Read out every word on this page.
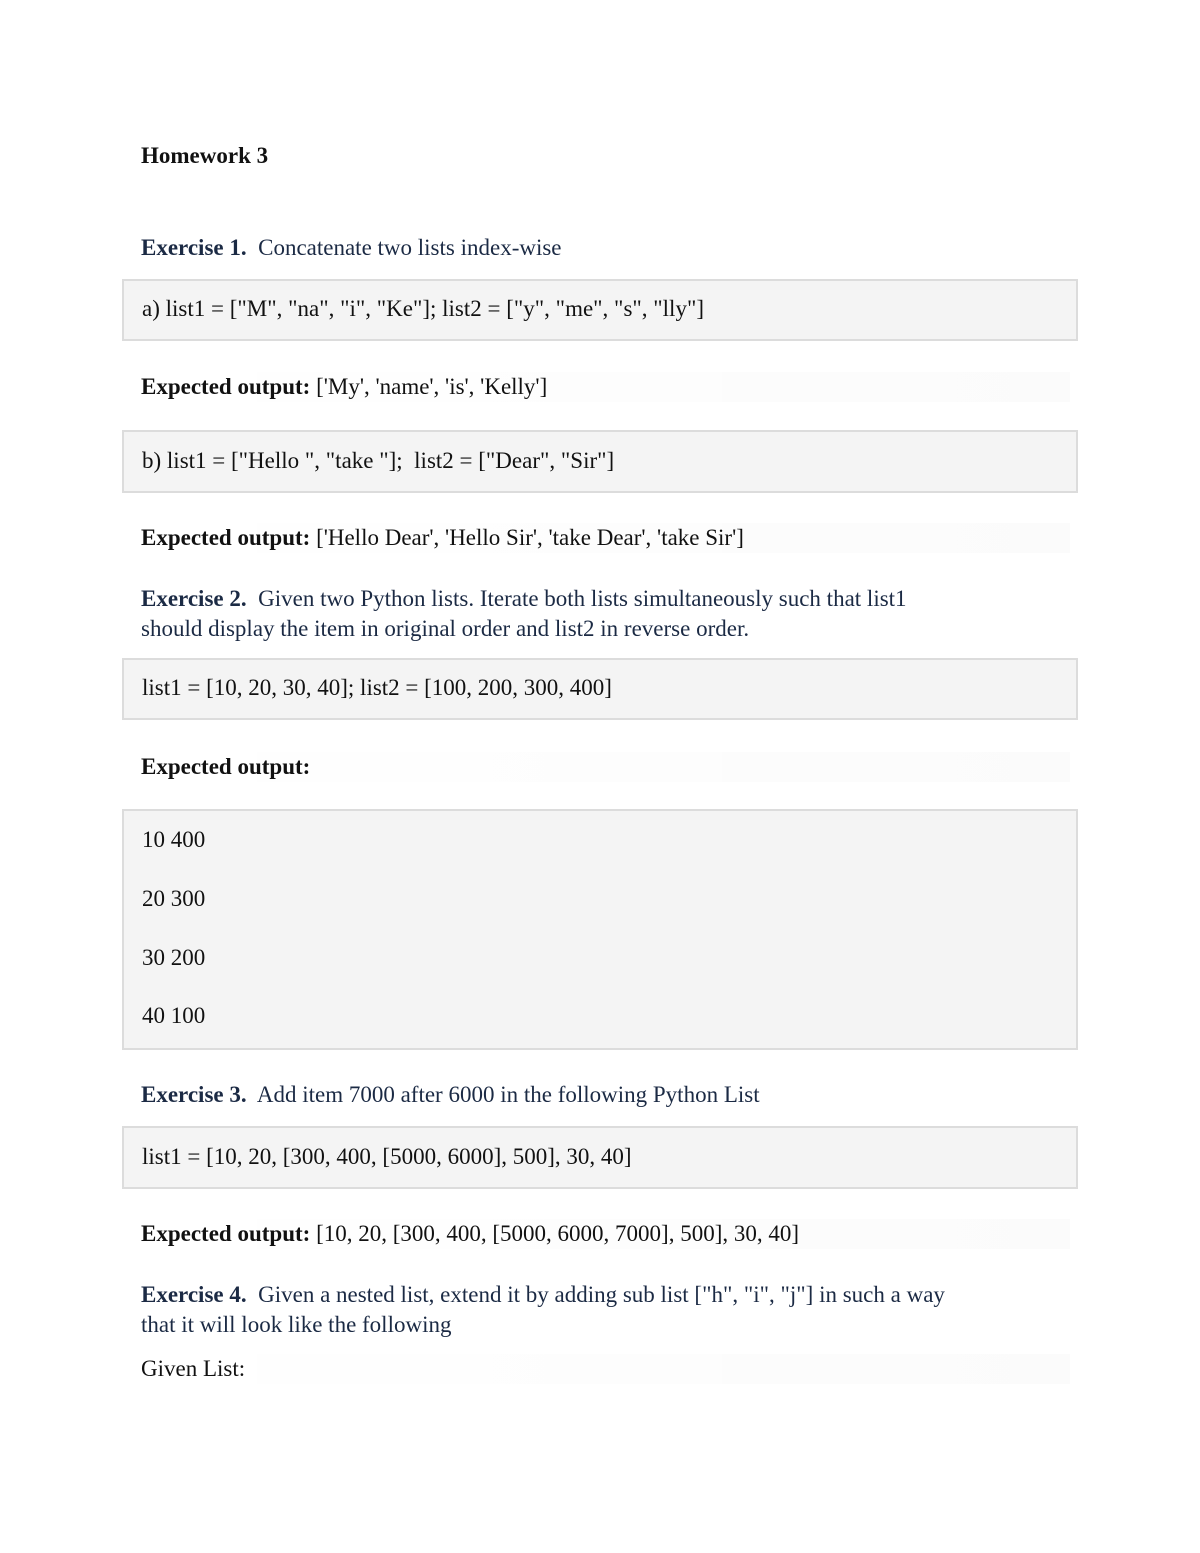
Homework 3
Exercise 1. Concatenate two lists index-wise
a) list1 = ["M", "na", "i", "Ke"]; list2 = ["y", "me", "s", "lly"]
Expected output: ['My', 'name', 'is', 'Kelly']
b) list1 = ["Hello ", "take "];  list2 = ["Dear", "Sir"]
Expected output: ['Hello Dear', 'Hello Sir', 'take Dear', 'take Sir']
Exercise 2. Given two Python lists. Iterate both lists simultaneously such that list1
should display the item in original order and list2 in reverse order.
list1 = [10, 20, 30, 40]; list2 = [100, 200, 300, 400]
Expected output:
10 400
20 300
30 200
40 100
Exercise 3. Add item 7000 after 6000 in the following Python List
list1 = [10, 20, [300, 400, [5000, 6000], 500], 30, 40]
Expected output: [10, 20, [300, 400, [5000, 6000, 7000], 500], 30, 40]
Exercise 4. Given a nested list, extend it by adding sub list ["h", "i", "j"] in such a way
that it will look like the following
Given List:
